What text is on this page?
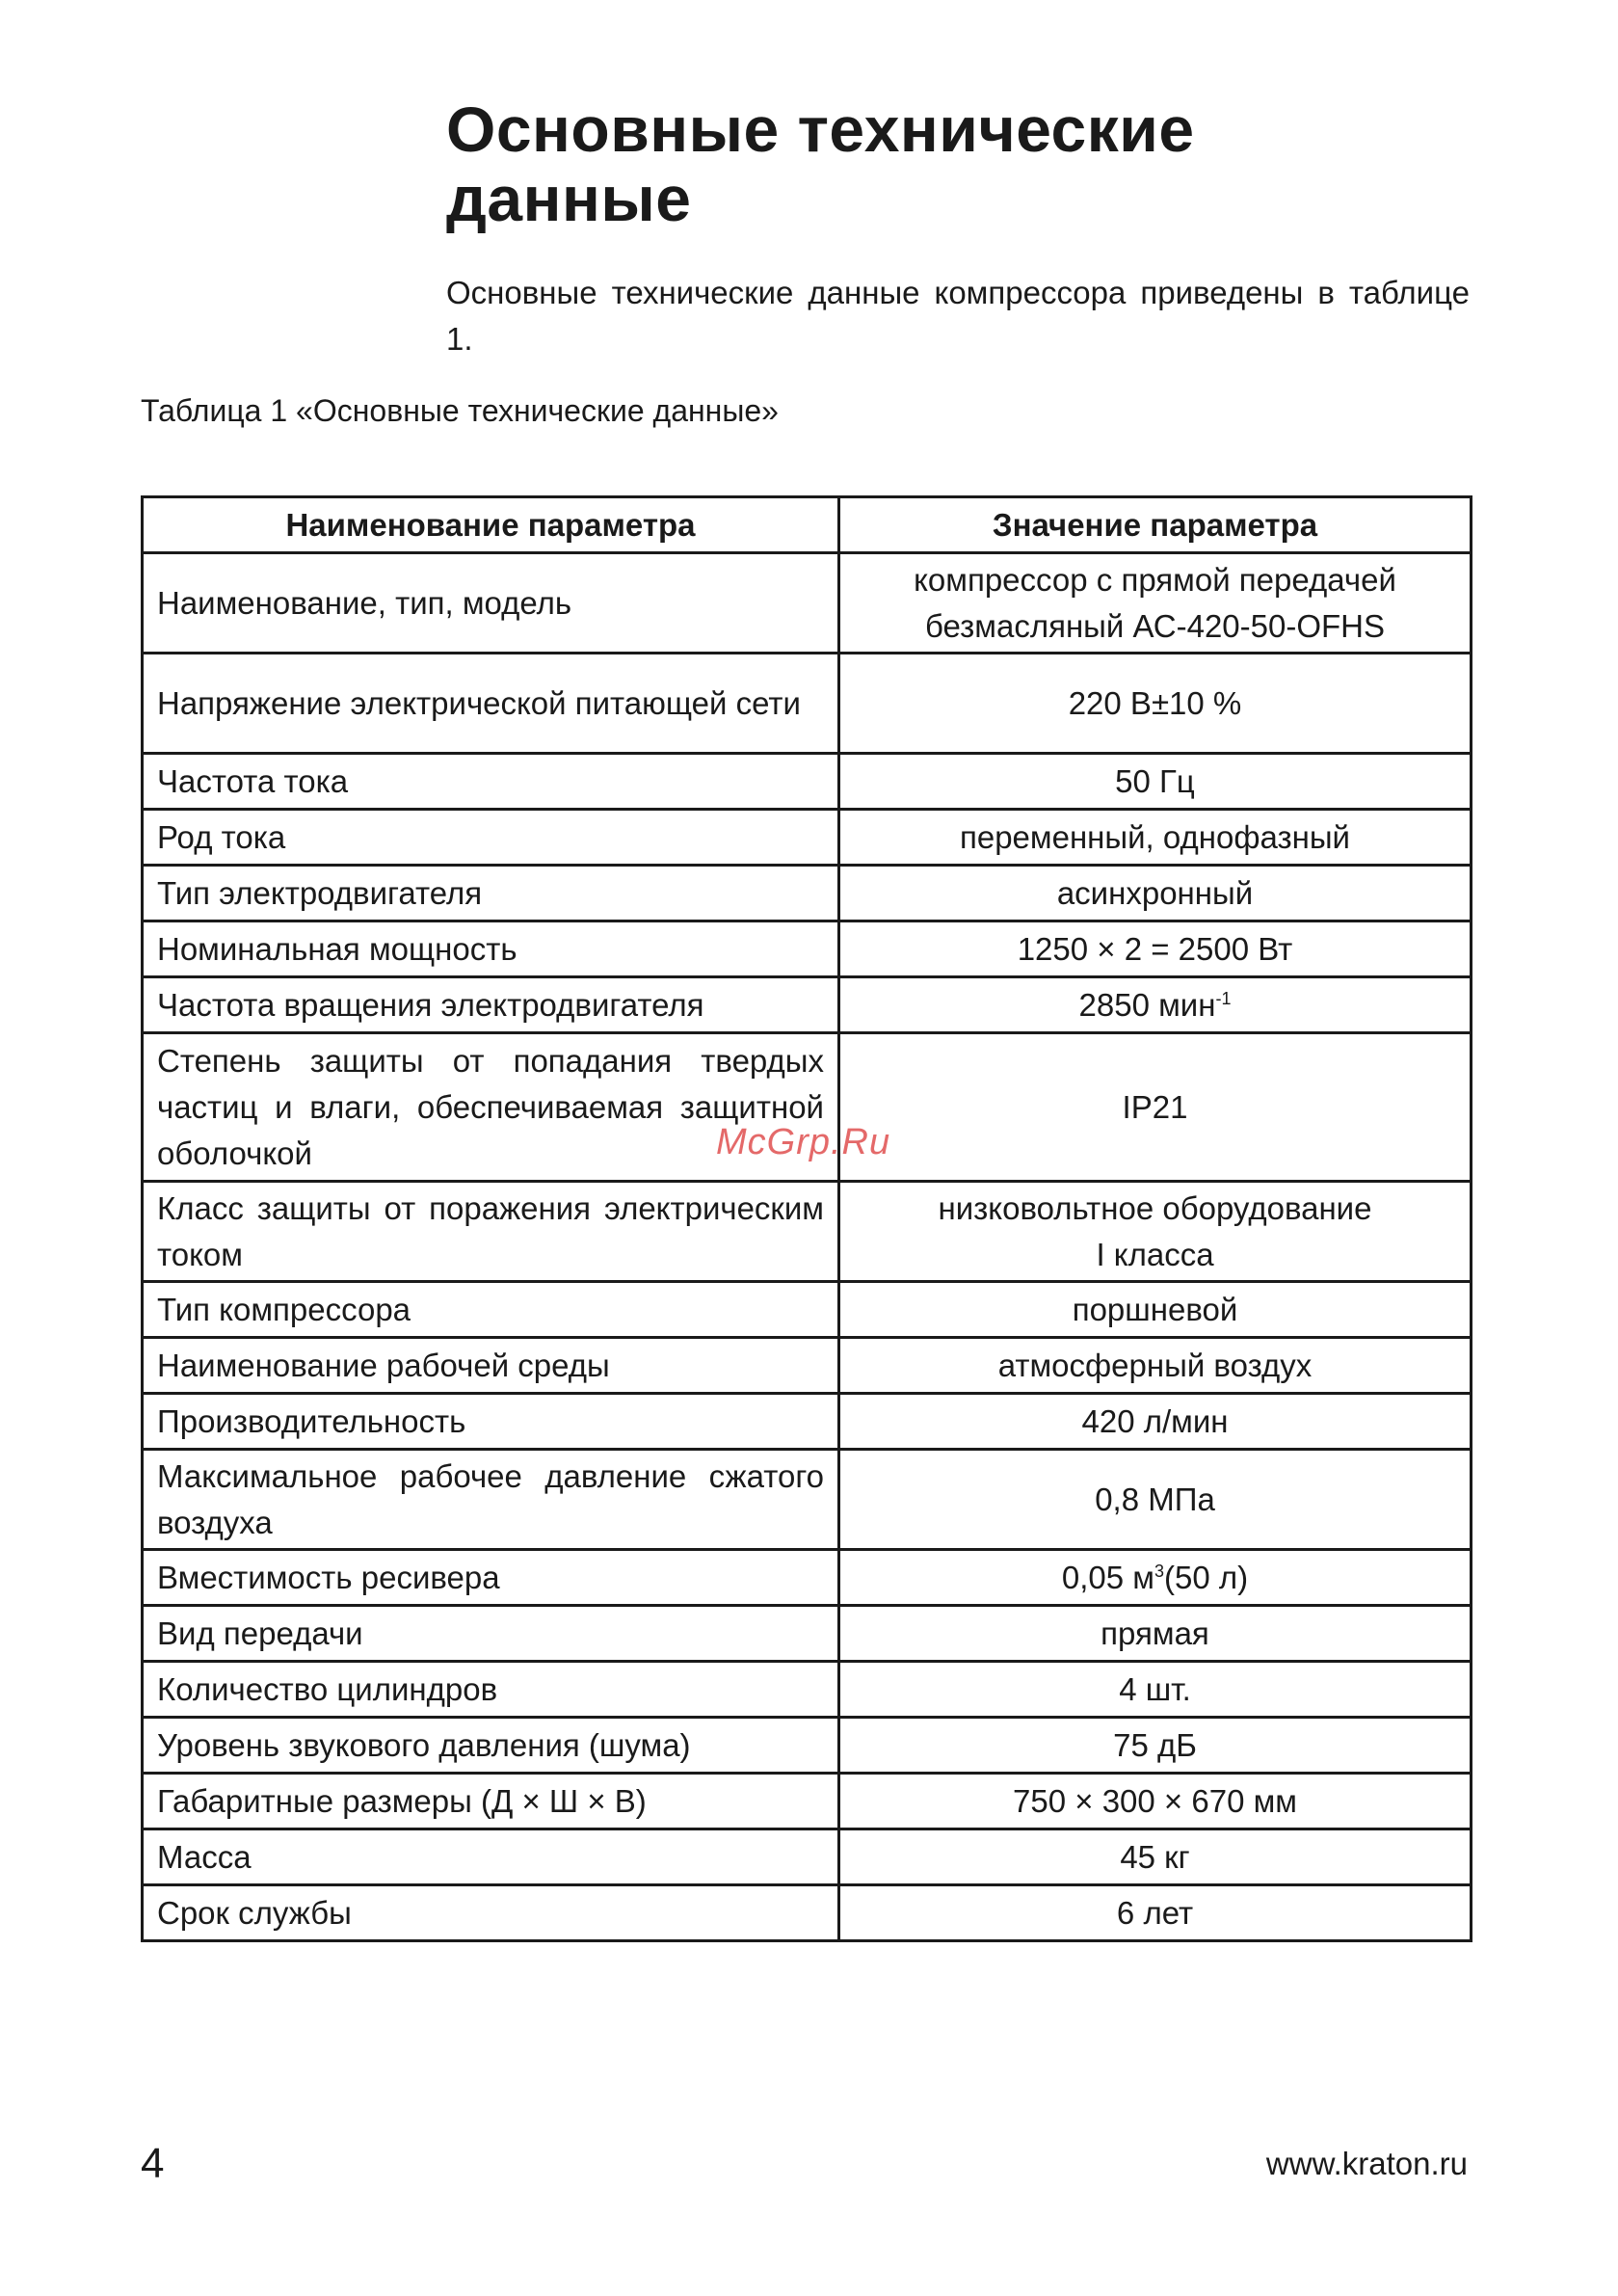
Основные технические
данные

Основные технические данные компрессора приведены в таблице 1.

Таблица 1 «Основные технические данные»

Наименование параметра	Значение параметра
Наименование, тип, модель	компрессор с прямой передачей
безмасляный АС-420-50-OFHS
Напряжение электрической питающей сети	220 В±10 %
Частота тока	50 Гц
Род тока	переменный, однофазный
Тип электродвигателя	асинхронный
Номинальная мощность	1250 × 2 = 2500 Вт
Частота вращения электродвигателя	2850 мин$^{-1}$
Степень защиты от попадания твердых частиц и влаги, обеспечиваемая защитной оболочкой	IP21
Класс защиты от поражения электрическим током	низковольтное оборудование
I класса
Тип компрессора	поршневой
Наименование рабочей среды	атмосферный воздух
Производительность	420 л/мин
Максимальное рабочее давление сжатого воздуха	0,8 МПа
Вместимость ресивера	0,05 $м^3(50$ л)
Вид передачи	прямая
Количество цилиндров	4 шт.
Уровень звукового давления (шума)	75 дБ
Габаритные размеры (Д × Ш × В)	750 × 300 × 670 мм
Масса	45 кг
Срок службы	6 лет
McGrp.Ru

4	www.kraton.ru
